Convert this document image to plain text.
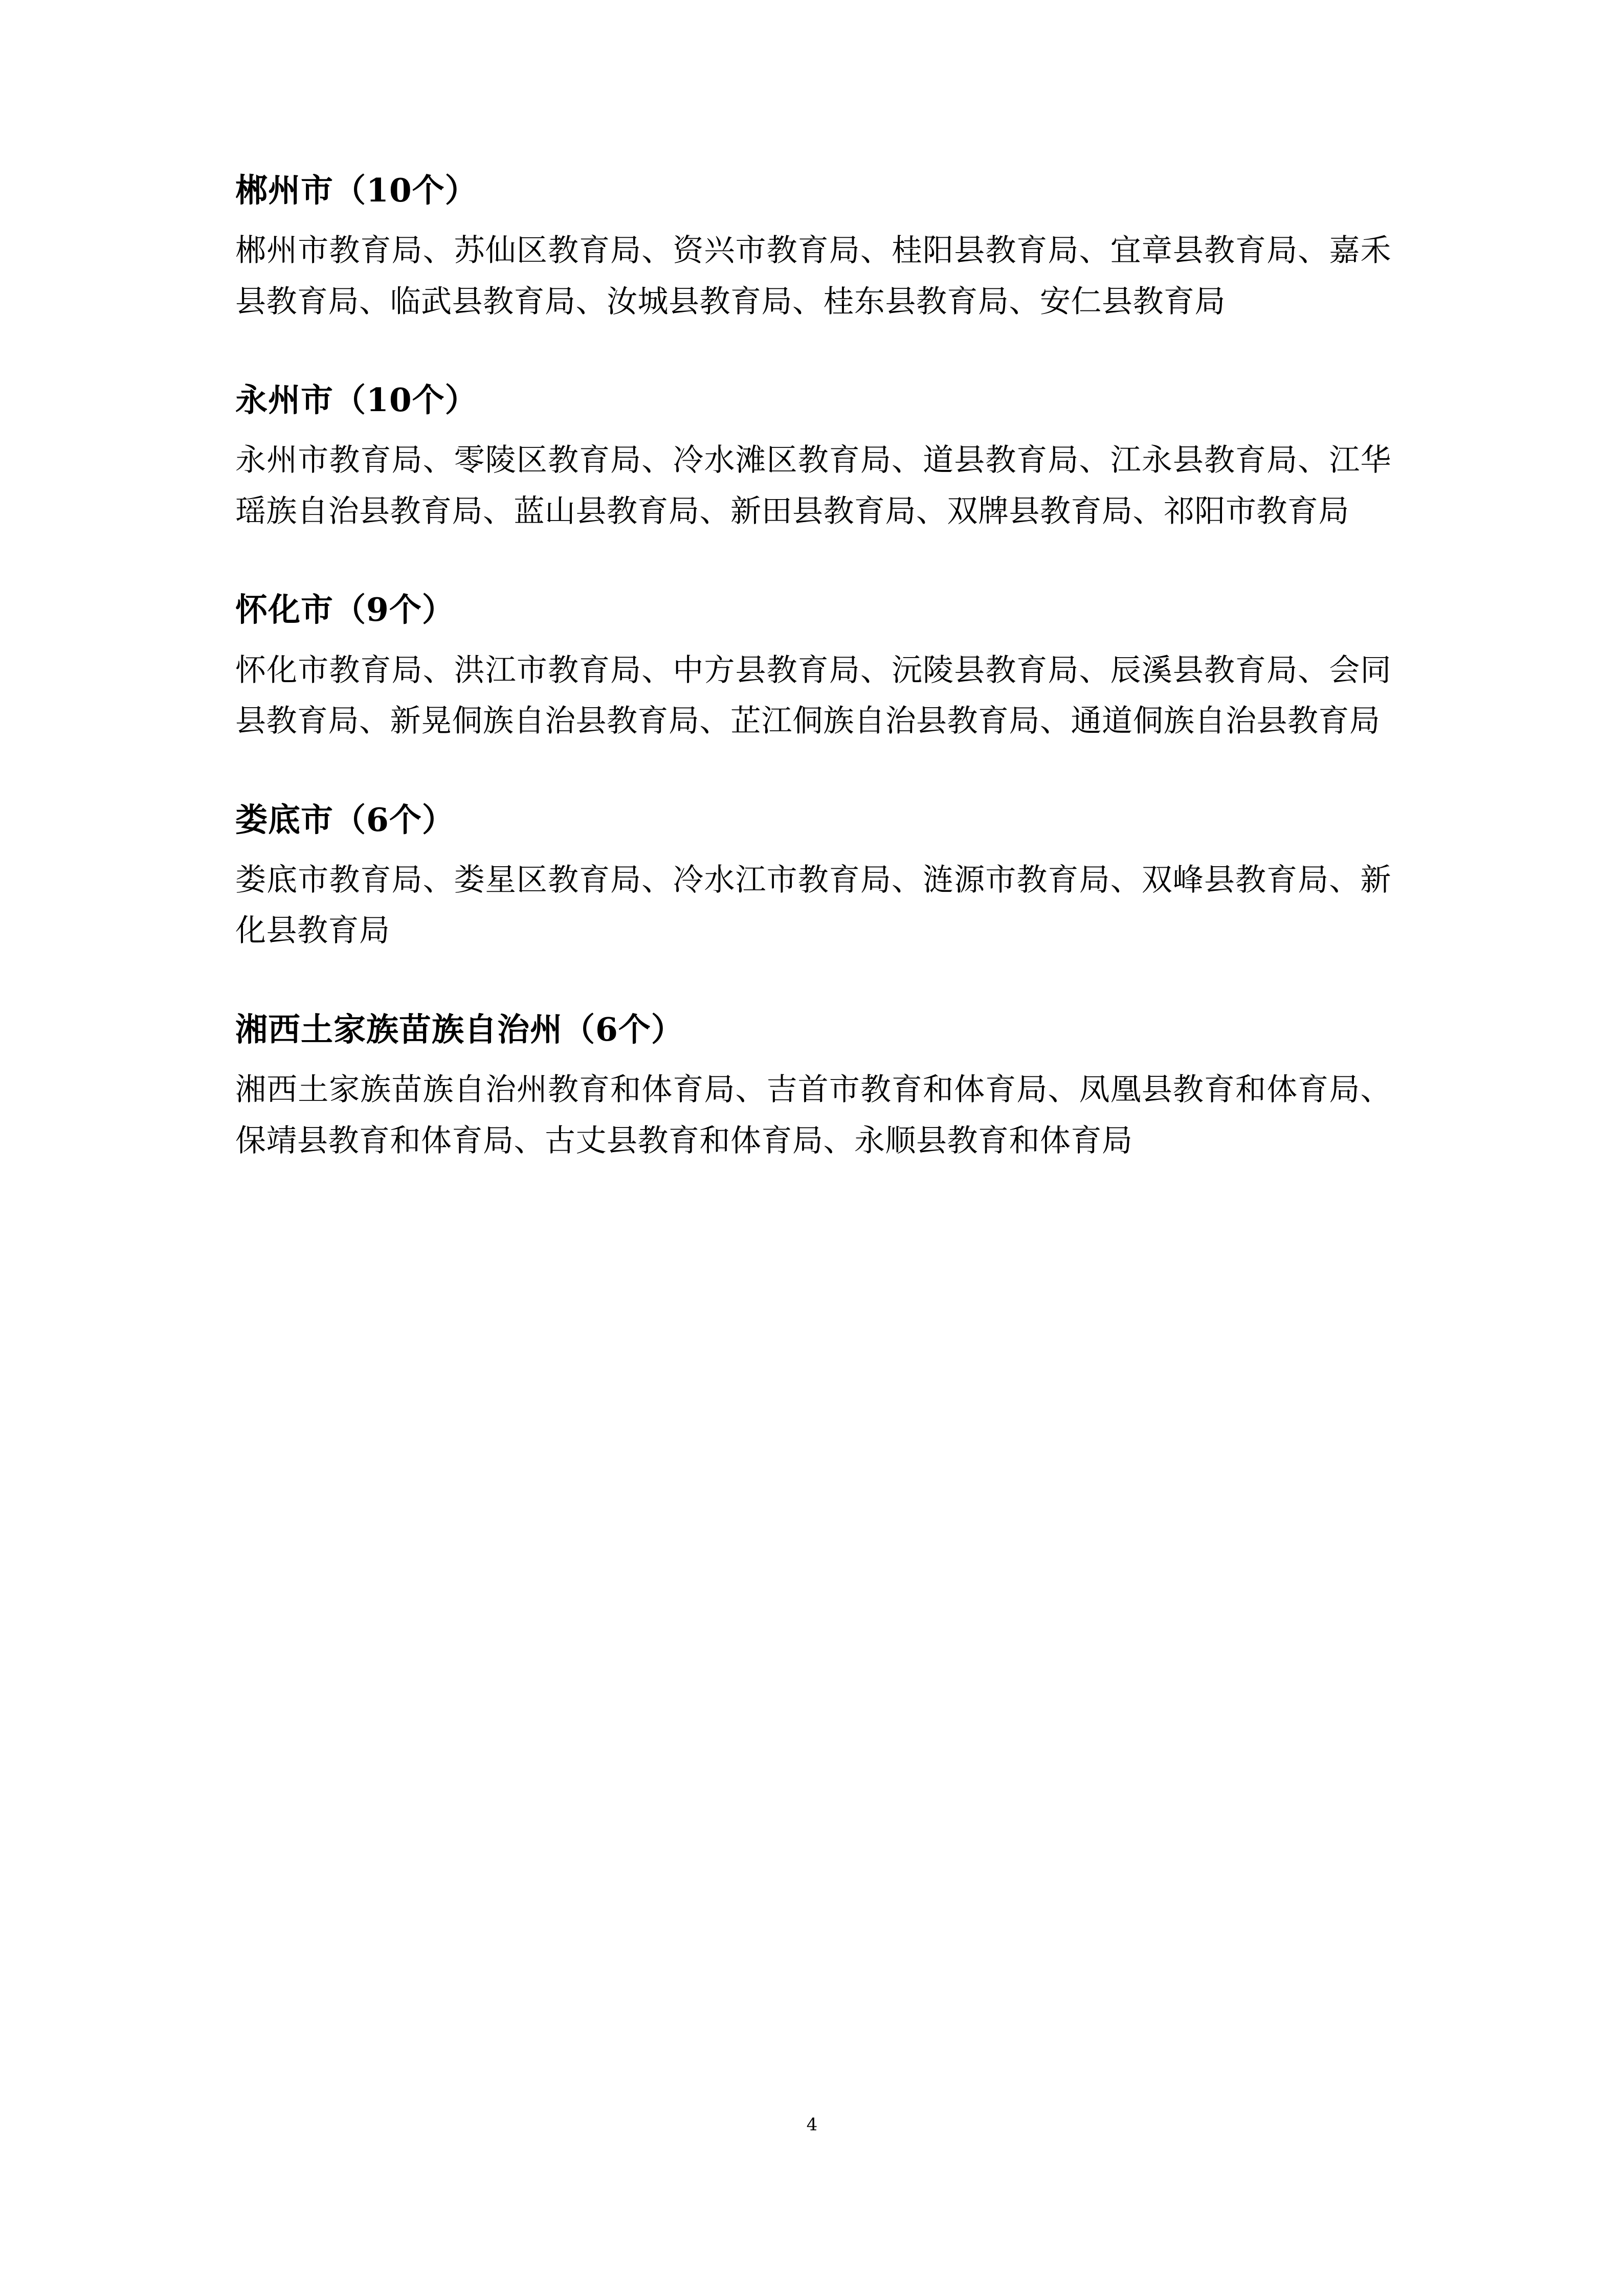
郴州市（10个）

郴州市教育局、苏仙区教育局、资兴市教育局、桂阳县教育局、宜章县教育局、嘉禾县教育局、临武县教育局、汝城县教育局、桂东县教育局、安仁县教育局

永州市（10个）

永州市教育局、零陵区教育局、冷水滩区教育局、道县教育局、江永县教育局、江华瑶族自治县教育局、蓝山县教育局、新田县教育局、双牌县教育局、祁阳市教育局

怀化市（9个）

怀化市教育局、洪江市教育局、中方县教育局、沅陵县教育局、辰溪县教育局、会同县教育局、新晃侗族自治县教育局、芷江侗族自治县教育局、通道侗族自治县教育局

娄底市（6个）

娄底市教育局、娄星区教育局、冷水江市教育局、涟源市教育局、双峰县教育局、新化县教育局

湘西土家族苗族自治州（6个）

湘西土家族苗族自治州教育和体育局、吉首市教育和体育局、凤凰县教育和体育局、保靖县教育和体育局、古丈县教育和体育局、永顺县教育和体育局

4
